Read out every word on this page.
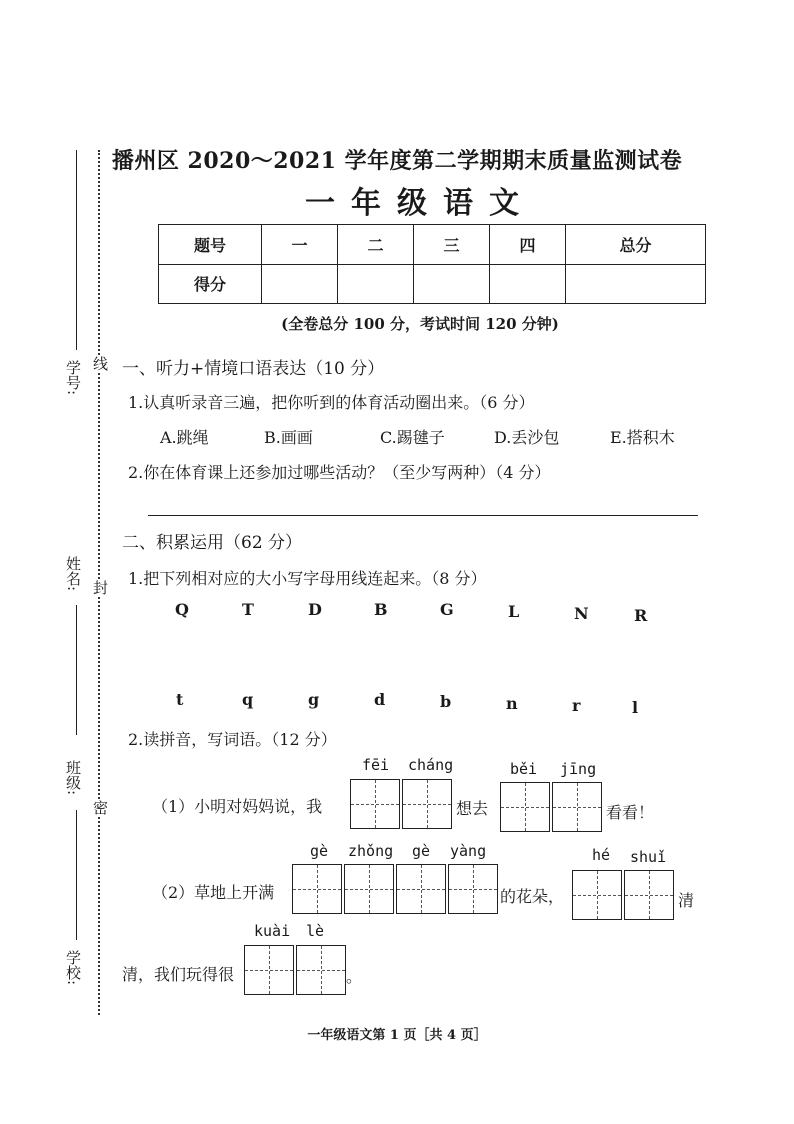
学号:
姓名:
班级:
学校:
线
封
密
播州区 2020～2021 学年度第二学期期末质量监测试卷
一年级语文
题号	一	二	三	四	总分
得分					
(全卷总分 100 分，考试时间 120 分钟)
一、听力+情境口语表达（10 分）
1.认真听录音三遍，把你听到的体育活动圈出来。（6 分）
A.跳绳	B.画画	C.踢毽子	D.丢沙包	E.搭积木
2.你在体育课上还参加过哪些活动？（至少写两种）（4 分）
二、积累运用（62 分）
1.把下列相对应的大小写字母用线连起来。（8 分）
Q	T	D	B	G	L	N	R
t	q	g	d	b	n	r	l
2.读拼音，写词语。（12 分）
fēi cháng	běi jīng
（1）小明对妈妈说，我	想去	看看！
gè zhǒng gè yàng	hé shuǐ
（2）草地上开满	的花朵，	清
kuài lè
清，我们玩得很	。
一年级语文第 1 页［共 4 页］
